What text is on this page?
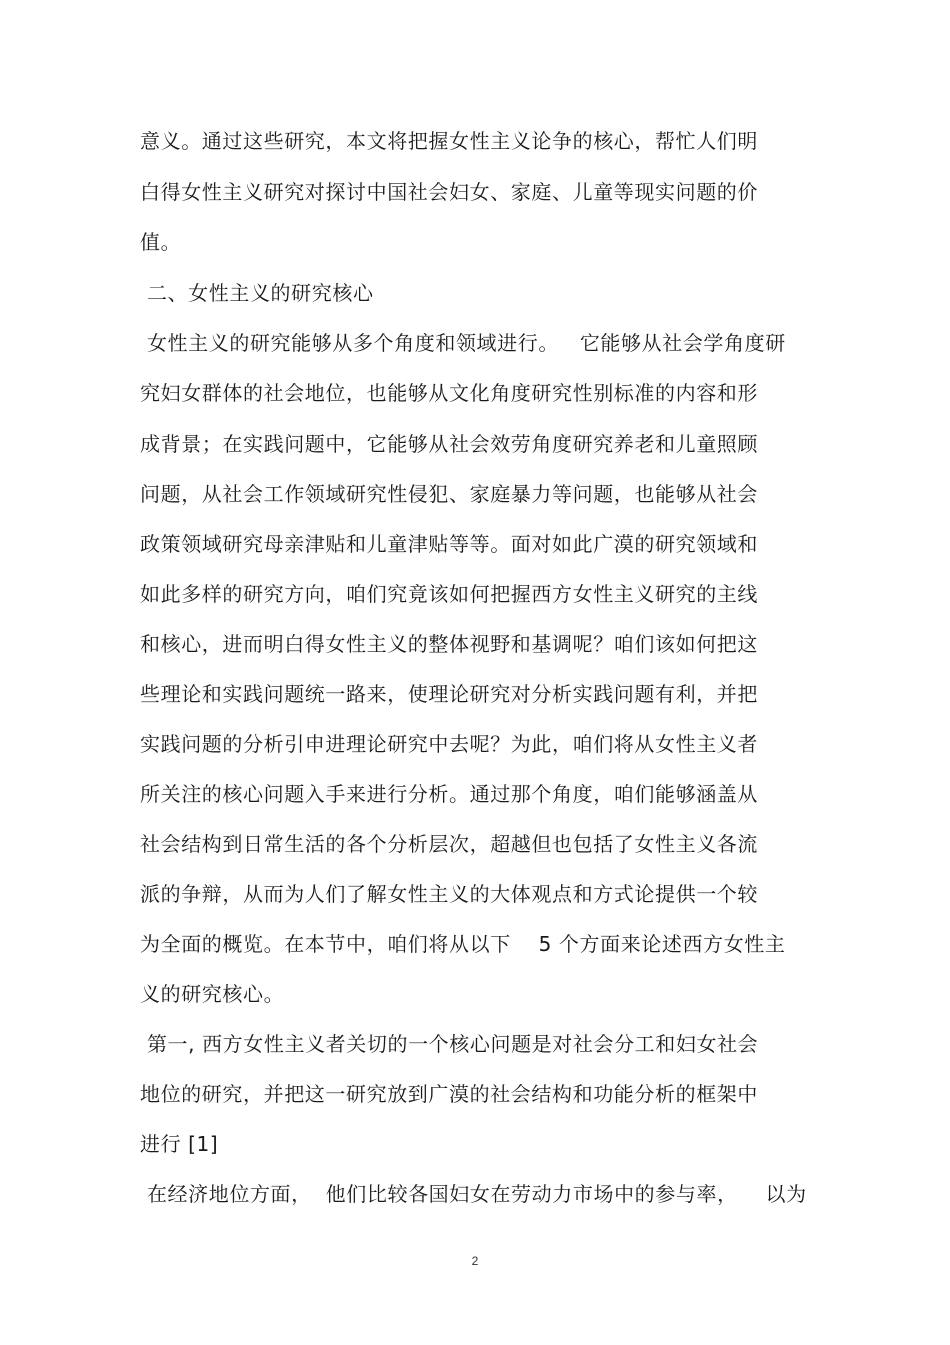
意义。通过这些研究，本文将把握女性主义论争的核心，帮忙人们明
白得女性主义研究对探讨中国社会妇女、家庭、儿童等现实问题的价
值。
二、女性主义的研究核心
女性主义的研究能够从多个角度和领域进行。   它能够从社会学角度研
究妇女群体的社会地位，也能够从文化角度研究性别标准的内容和形
成背景；在实践问题中，它能够从社会效劳角度研究养老和儿童照顾
问题，从社会工作领域研究性侵犯、家庭暴力等问题，也能够从社会
政策领域研究母亲津贴和儿童津贴等等。面对如此广漠的研究领域和
如此多样的研究方向，咱们究竟该如何把握西方女性主义研究的主线
和核心，进而明白得女性主义的整体视野和基调呢？咱们该如何把这
些理论和实践问题统一路来，使理论研究对分析实践问题有利，并把
实践问题的分析引申进理论研究中去呢？为此，咱们将从女性主义者
所关注的核心问题入手来进行分析。通过那个角度，咱们能够涵盖从
社会结构到日常生活的各个分析层次，超越但也包括了女性主义各流
派的争辩，从而为人们了解女性主义的大体观点和方式论提供一个较
为全面的概览。在本节中，咱们将从以下    5 个方面来论述西方女性主
义的研究核心。
第一, 西方女性主义者关切的一个核心问题是对社会分工和妇女社会
地位的研究，并把这一研究放到广漠的社会结构和功能分析的框架中
进行 [1]
在经济地位方面，  他们比较各国妇女在劳动力市场中的参与率，    以为
2
